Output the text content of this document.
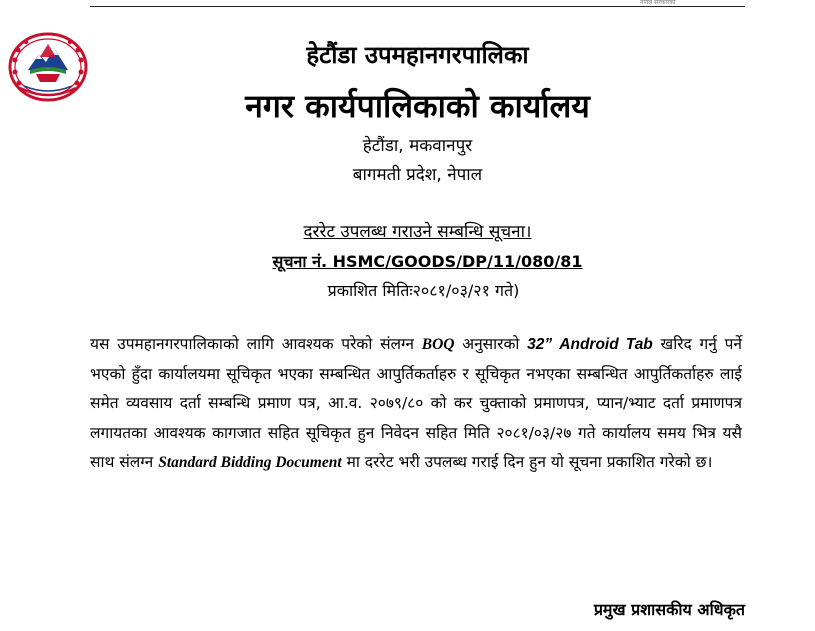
नेपाल सरकारको
हेटौंडा उपमहानगरपालिका
नगर कार्यपालिकाको कार्यालय
हेटौंडा, मकवानपुर
बागमती प्रदेश, नेपाल
दररेट उपलब्ध गराउने सम्बन्धि सूचना।
सूचना नं. HSMC/GOODS/DP/11/080/81
प्रकाशित मितिः२०८१/०३/२१ गते)
यस उपमहानगरपालिकाको लागि आवश्यक परेको संलग्न BOQ अनुसारको 32” Android Tab खरिद गर्नु पर्ने भएको हुँदा कार्यालयमा सूचिकृत भएका सम्बन्धित आपुर्तिकर्ताहरु र सूचिकृत नभएका सम्बन्धित आपुर्तिकर्ताहरु लाई समेत व्यवसाय दर्ता सम्बन्धि प्रमाण पत्र, आ.व. २०७९/८० को कर चुक्ताको प्रमाणपत्र, प्यान/भ्याट दर्ता प्रमाणपत्र लगायतका आवश्यक कागजात सहित सूचिकृत हुन निवेदन सहित मिति २०८१/०३/२७ गते कार्यालय समय भित्र यसै साथ संलग्न Standard Bidding Document मा दररेट भरी उपलब्ध गराई दिन हुन यो सूचना प्रकाशित गरेको छ।
प्रमुख प्रशासकीय अधिकृत
